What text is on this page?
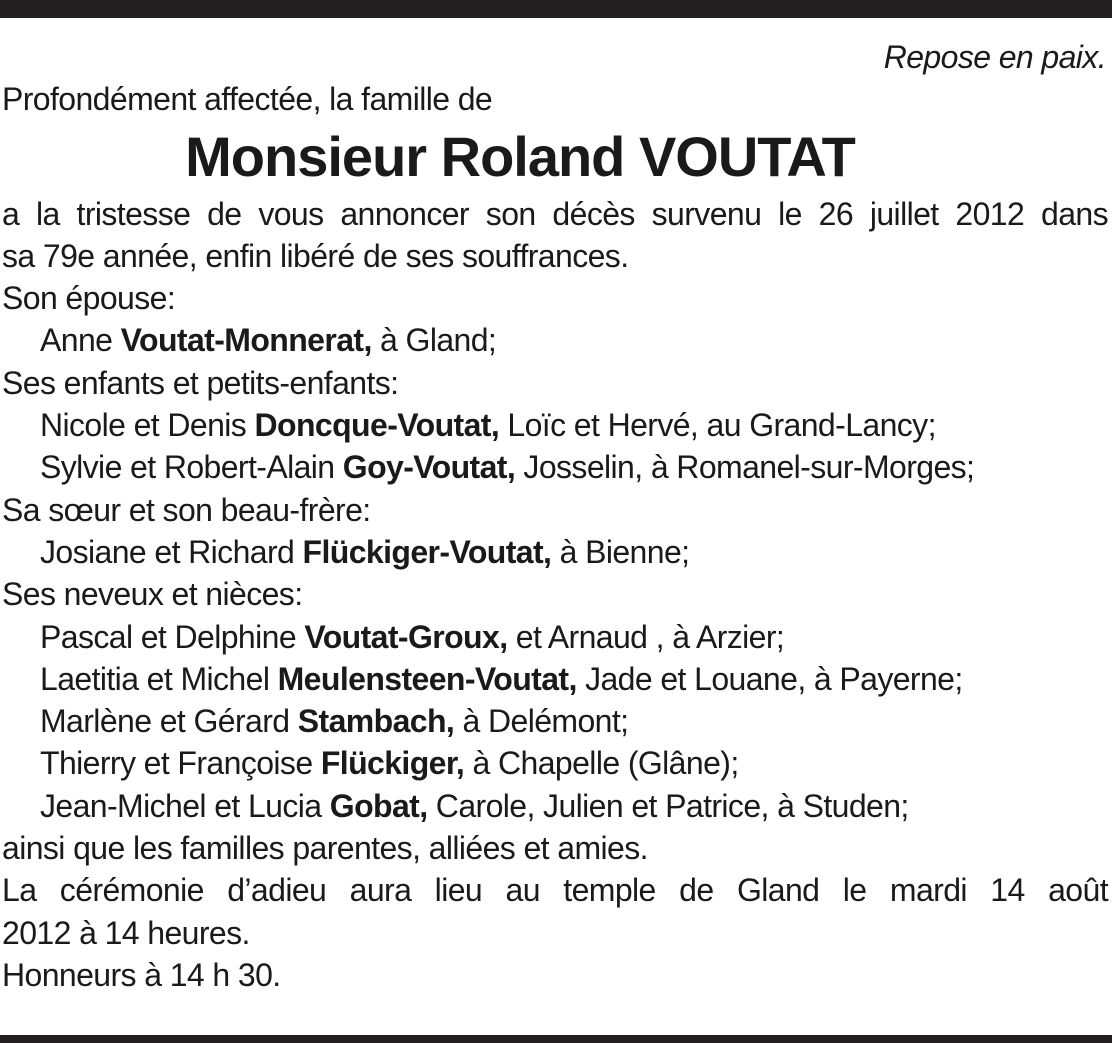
Repose en paix.
Profondément affectée, la famille de
Monsieur Roland VOUTAT
a la tristesse de vous annoncer son décès survenu le 26 juillet 2012 dans
sa 79e année, enfin libéré de ses souffrances.
Son épouse:
Anne Voutat-Monnerat, à Gland;
Ses enfants et petits-enfants:
Nicole et Denis Doncque-Voutat, Loïc et Hervé, au Grand-Lancy;
Sylvie et Robert-Alain Goy-Voutat, Josselin, à Romanel-sur-Morges;
Sa sœur et son beau-frère:
Josiane et Richard Flückiger-Voutat, à Bienne;
Ses neveux et nièces:
Pascal et Delphine Voutat-Groux, et Arnaud , à Arzier;
Laetitia et Michel Meulensteen-Voutat, Jade et Louane, à Payerne;
Marlène et Gérard Stambach, à Delémont;
Thierry et Françoise Flückiger, à Chapelle (Glâne);
Jean-Michel et Lucia Gobat, Carole, Julien et Patrice, à Studen;
ainsi que les familles parentes, alliées et amies.
La cérémonie d’adieu aura lieu au temple de Gland le mardi 14 août
2012 à 14 heures.
Honneurs à 14 h 30.
